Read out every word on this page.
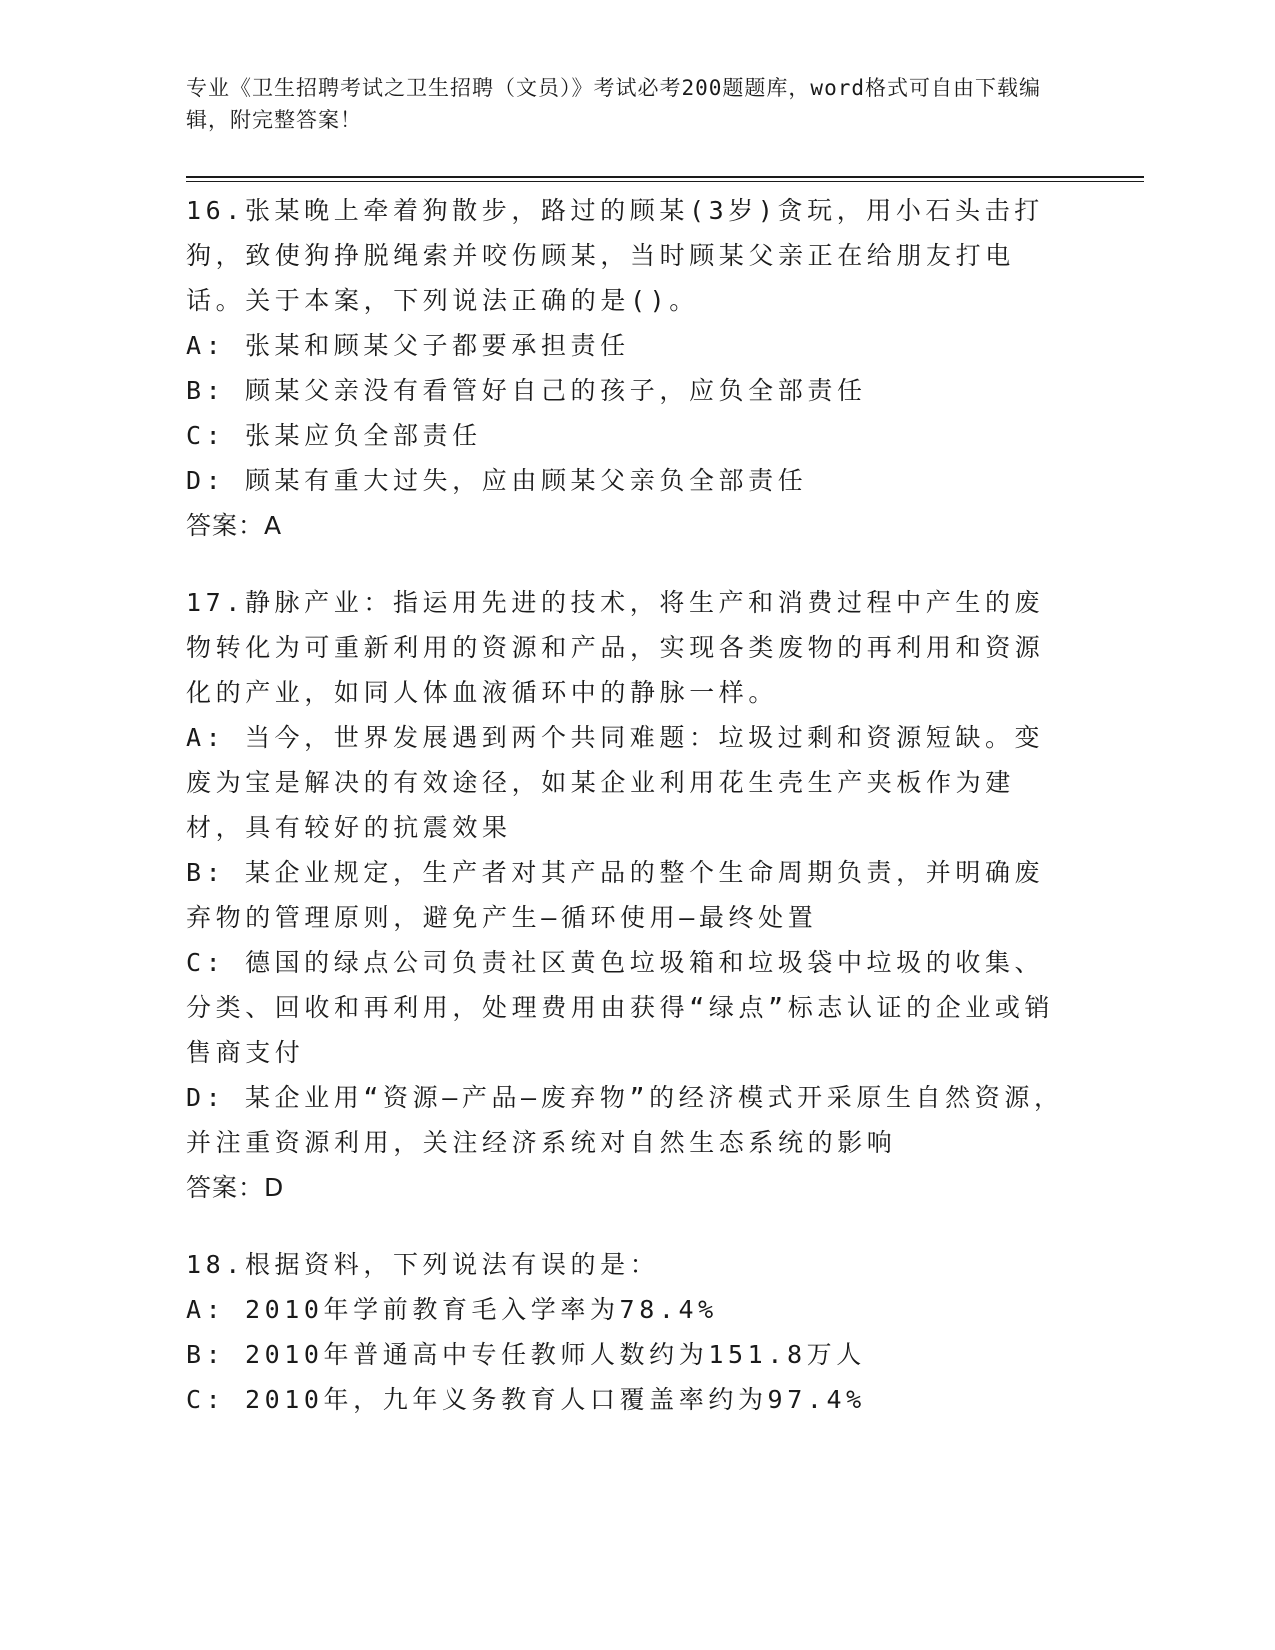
专业《卫生招聘考试之卫生招聘（文员）》考试必考200题题库，word格式可自由下载编辑，附完整答案！
16.张某晚上牵着狗散步，路过的顾某(3岁)贪玩，用小石头击打狗，致使狗挣脱绳索并咬伤顾某，当时顾某父亲正在给朋友打电话。关于本案，下列说法正确的是()。
A: 张某和顾某父子都要承担责任
B: 顾某父亲没有看管好自己的孩子，应负全部责任
C: 张某应负全部责任
D: 顾某有重大过失，应由顾某父亲负全部责任
答案：A
17.静脉产业：指运用先进的技术，将生产和消费过程中产生的废物转化为可重新利用的资源和产品，实现各类废物的再利用和资源化的产业，如同人体血液循环中的静脉一样。
A: 当今，世界发展遇到两个共同难题：垃圾过剩和资源短缺。变废为宝是解决的有效途径，如某企业利用花生壳生产夹板作为建材，具有较好的抗震效果
B: 某企业规定，生产者对其产品的整个生命周期负责，并明确废弃物的管理原则，避免产生—循环使用—最终处置
C: 德国的绿点公司负责社区黄色垃圾箱和垃圾袋中垃圾的收集、分类、回收和再利用，处理费用由获得“绿点”标志认证的企业或销售商支付
D: 某企业用“资源—产品—废弃物”的经济模式开采原生自然资源，并注重资源利用，关注经济系统对自然生态系统的影响
答案：D
18.根据资料，下列说法有误的是：
A: 2010年学前教育毛入学率为78.4%
B: 2010年普通高中专任教师人数约为151.8万人
C: 2010年，九年义务教育人口覆盖率约为97.4%
